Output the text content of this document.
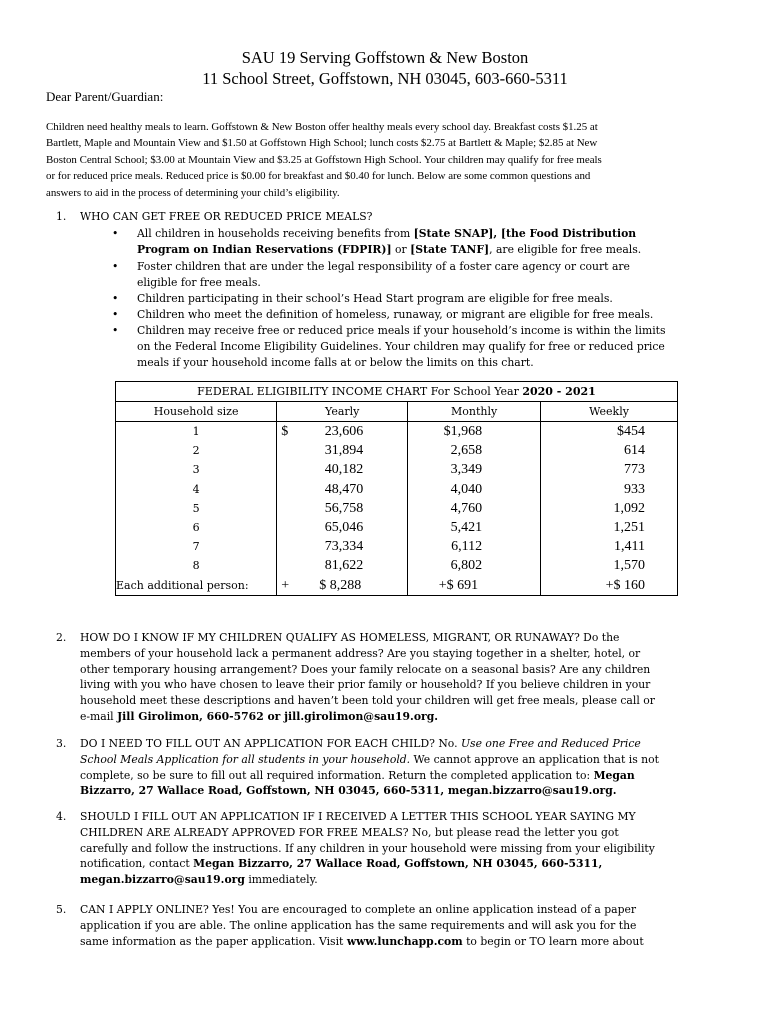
SAU 19 Serving Goffstown & New Boston
11 School Street, Goffstown, NH 03045, 603-660-5311
Dear Parent/Guardian:
Children need healthy meals to learn. Goffstown & New Boston offer healthy meals every school day. Breakfast costs $1.25 at
Bartlett, Maple and Mountain View and $1.50 at Goffstown High School; lunch costs $2.75 at Bartlett & Maple; $2.85 at New
Boston Central School; $3.00 at Mountain View and $3.25 at Goffstown High School. Your children may qualify for free meals
or for reduced price meals. Reduced price is $0.00 for breakfast and $0.40 for lunch. Below are some common questions and
answers to aid in the process of determining your child’s eligibility.
1. WHO CAN GET FREE OR REDUCED PRICE MEALS?
• All children in households receiving benefits from [State SNAP], [the Food Distribution
Program on Indian Reservations (FDPIR)] or [State TANF], are eligible for free meals.
• Foster children that are under the legal responsibility of a foster care agency or court are
eligible for free meals.
• Children participating in their school’s Head Start program are eligible for free meals.
• Children who meet the definition of homeless, runaway, or migrant are eligible for free meals.
• Children may receive free or reduced price meals if your household’s income is within the limits
on the Federal Income Eligibility Guidelines. Your children may qualify for free or reduced price
meals if your household income falls at or below the limits on this chart.
FEDERAL ELIGIBILITY INCOME CHART For School Year 2020 - 2021			
Household size	Yearly	Monthly	Weekly
1	$ 23,606	$1,968	$454
2	31,894	2,658	614
3	40,182	3,349	773
4	48,470	4,040	933
5	56,758	4,760	1,092
6	65,046	5,421	1,251
7	73,334	6,112	1,411
8	81,622	6,802	1,570
Each additional person:	+ $ 8,288	+$ 691	+$ 160
2. HOW DO I KNOW IF MY CHILDREN QUALIFY AS HOMELESS, MIGRANT, OR RUNAWAY? Do the
members of your household lack a permanent address? Are you staying together in a shelter, hotel, or
other temporary housing arrangement? Does your family relocate on a seasonal basis? Are any children
living with you who have chosen to leave their prior family or household? If you believe children in your
household meet these descriptions and haven’t been told your children will get free meals, please call or
e-mail Jill Girolimon, 660-5762 or jill.girolimon@sau19.org.
3. DO I NEED TO FILL OUT AN APPLICATION FOR EACH CHILD? No. Use one Free and Reduced Price
School Meals Application for all students in your household. We cannot approve an application that is not
complete, so be sure to fill out all required information. Return the completed application to: Megan
Bizzarro, 27 Wallace Road, Goffstown, NH 03045, 660-5311, megan.bizzarro@sau19.org.
4. SHOULD I FILL OUT AN APPLICATION IF I RECEIVED A LETTER THIS SCHOOL YEAR SAYING MY
CHILDREN ARE ALREADY APPROVED FOR FREE MEALS? No, but please read the letter you got
carefully and follow the instructions. If any children in your household were missing from your eligibility
notification, contact Megan Bizzarro, 27 Wallace Road, Goffstown, NH 03045, 660-5311,
megan.bizzarro@sau19.org immediately.
5. CAN I APPLY ONLINE? Yes! You are encouraged to complete an online application instead of a paper
application if you are able. The online application has the same requirements and will ask you for the
same information as the paper application. Visit www.lunchapp.com to begin or TO learn more about
